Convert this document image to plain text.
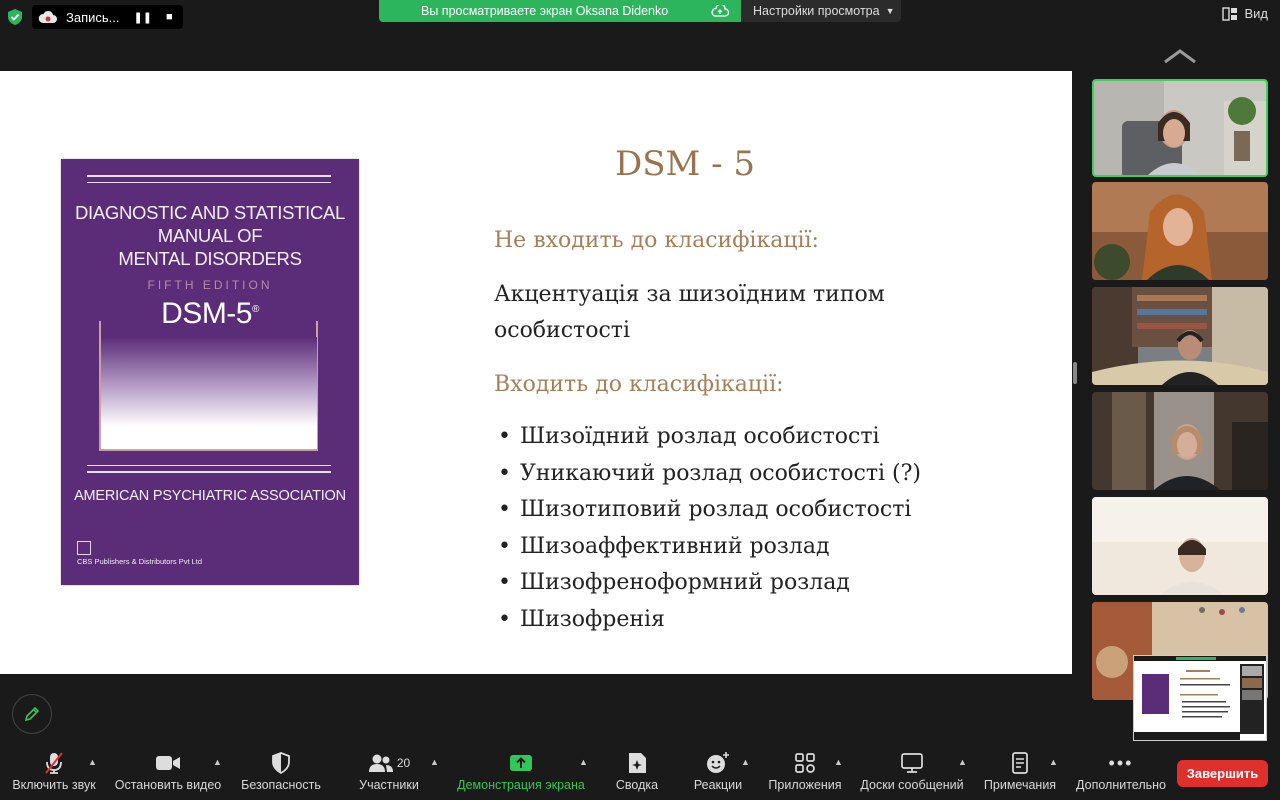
Запись... ❚❚ ■	Вы просматриваете экран Oksana Didenko	Настройки просмотра ▼	Вид
DIAGNOSTIC AND STATISTICAL
MANUAL OF
MENTAL DISORDERS
FIFTH EDITION
DSM-5®
AMERICAN PSYCHIATRIC ASSOCIATION
CBS Publishers & Distributors Pvt Ltd
DSM - 5
Не входить до класифікації:
Акцентуація за шизоїдним типом
особистості
Входить до класифікації:
• Шизоїдний розлад особистості
• Уникаючий розлад особистості (?)
• Шизотиповий розлад особистості
• Шизоаффективний розлад
• Шизофреноформний розлад
• Шизофренія
Включить звук
▲
Остановить видео
▲
Безопасность
20
Участники
▲
Демонстрация экрана
▲
Сводка	Реакции
▲
Приложения
▲
Доски сообщений
▲
Примечания
▲	•••
Дополнительно
Завершить
